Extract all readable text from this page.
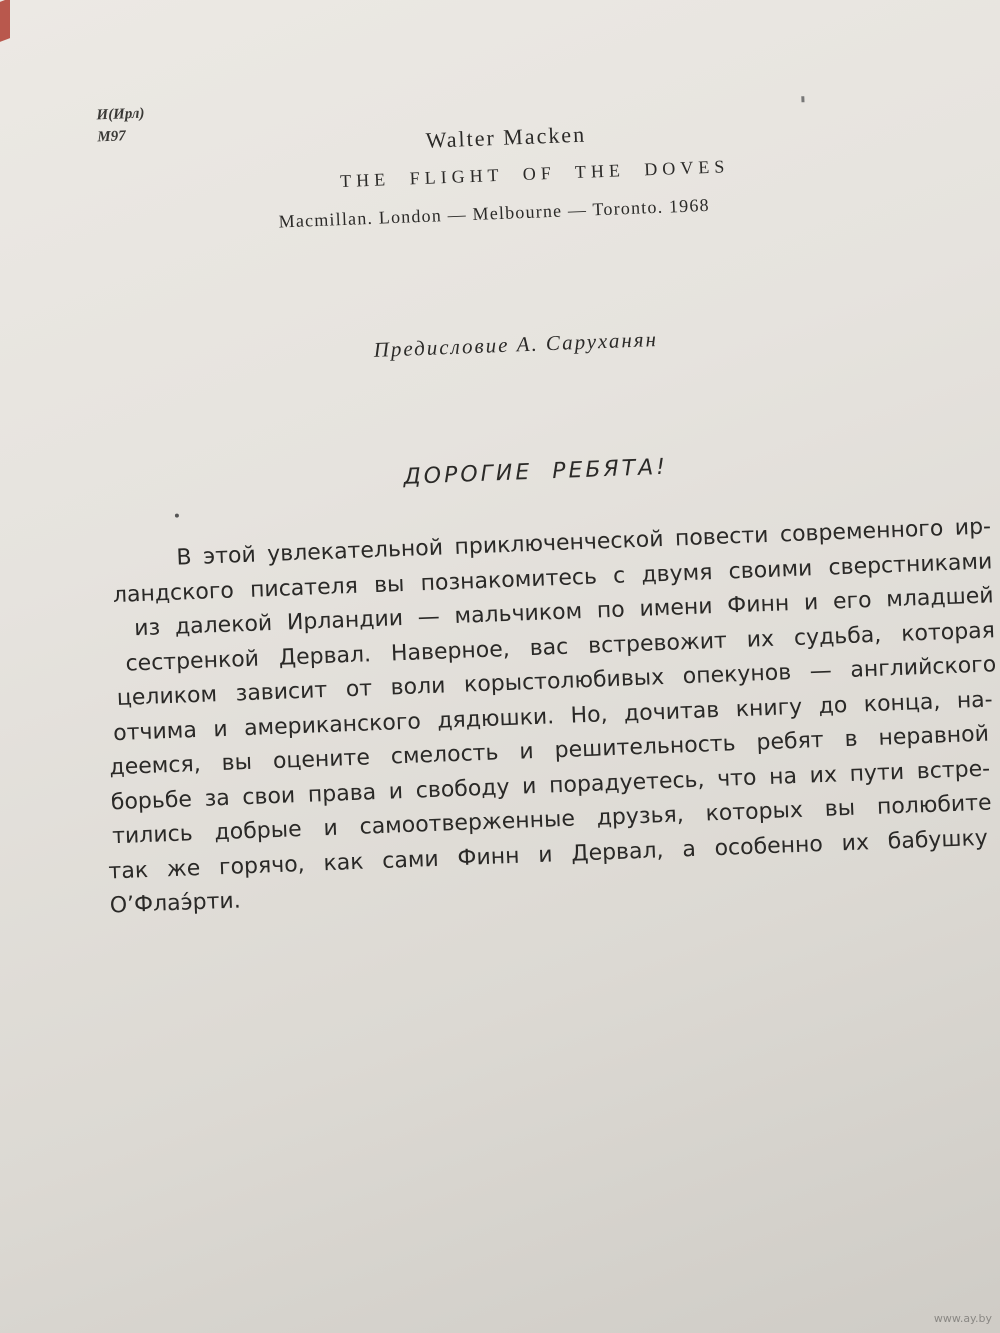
И(Ирл)
М97	Walter Macken
THE FLIGHT OF THE DOVES
Macmillan. London — Melbourne — Toronto. 1968
Предисловие А. Саруханян
ДОРОГИЕ РЕБЯТА!
В этой увлекательной приключенческой повести современного ир-
ландского писателя вы познакомитесь с двумя своими сверстниками
из далекой Ирландии — мальчиком по имени Финн и его младшей
сестренкой Дервал. Наверное, вас встревожит их судьба, которая
целиком зависит от воли корыстолюбивых опекунов — английского
отчима и американского дядюшки. Но, дочитав книгу до конца, на-
деемся, вы оцените смелость и решительность ребят в неравной
борьбе за свои права и свободу и порадуетесь, что на их пути встре-
тились добрые и самоотверженные друзья, которых вы полюбите
так же горячо, как сами Финн и Дервал, а особенно их бабушку
О’Флаэ́рти.
www.ay.by
